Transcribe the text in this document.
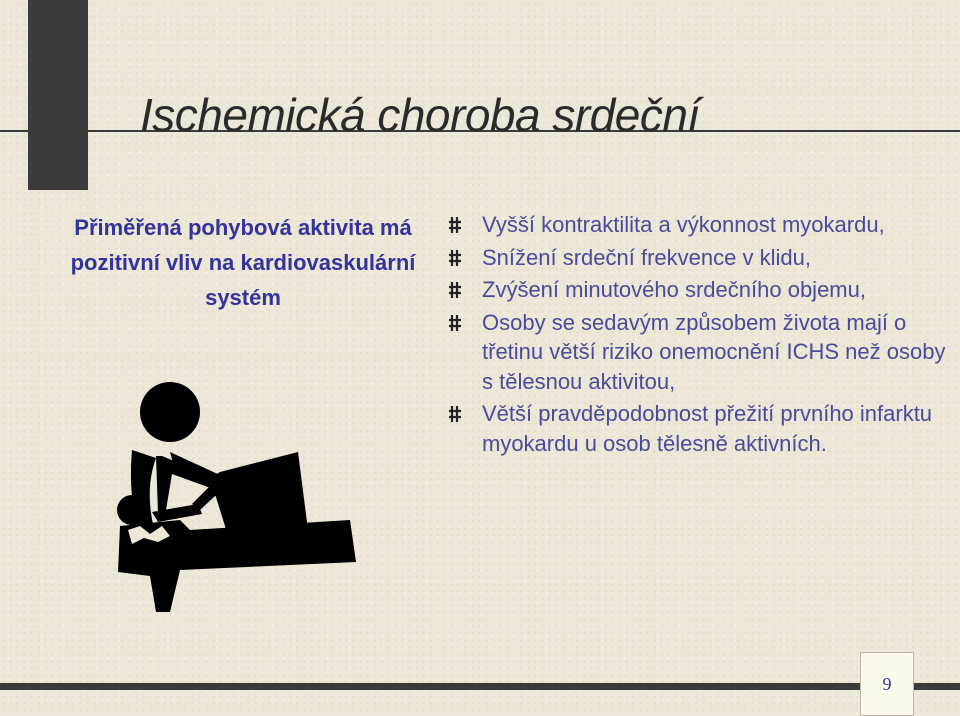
Ischemická choroba srdeční

Přiměřená pohybová aktivita má pozitivní vliv na kardiovaskulární systém

Vyšší kontraktilita a výkonnost myokardu,
Snížení srdeční frekvence v klidu,
Zvýšení minutového srdečního objemu,
Osoby se sedavým způsobem života mají o třetinu větší riziko onemocnění ICHS než osoby s tělesnou aktivitou,
Větší pravděpodobnost přežití prvního infarktu myokardu u osob tělesně aktivních.
9
